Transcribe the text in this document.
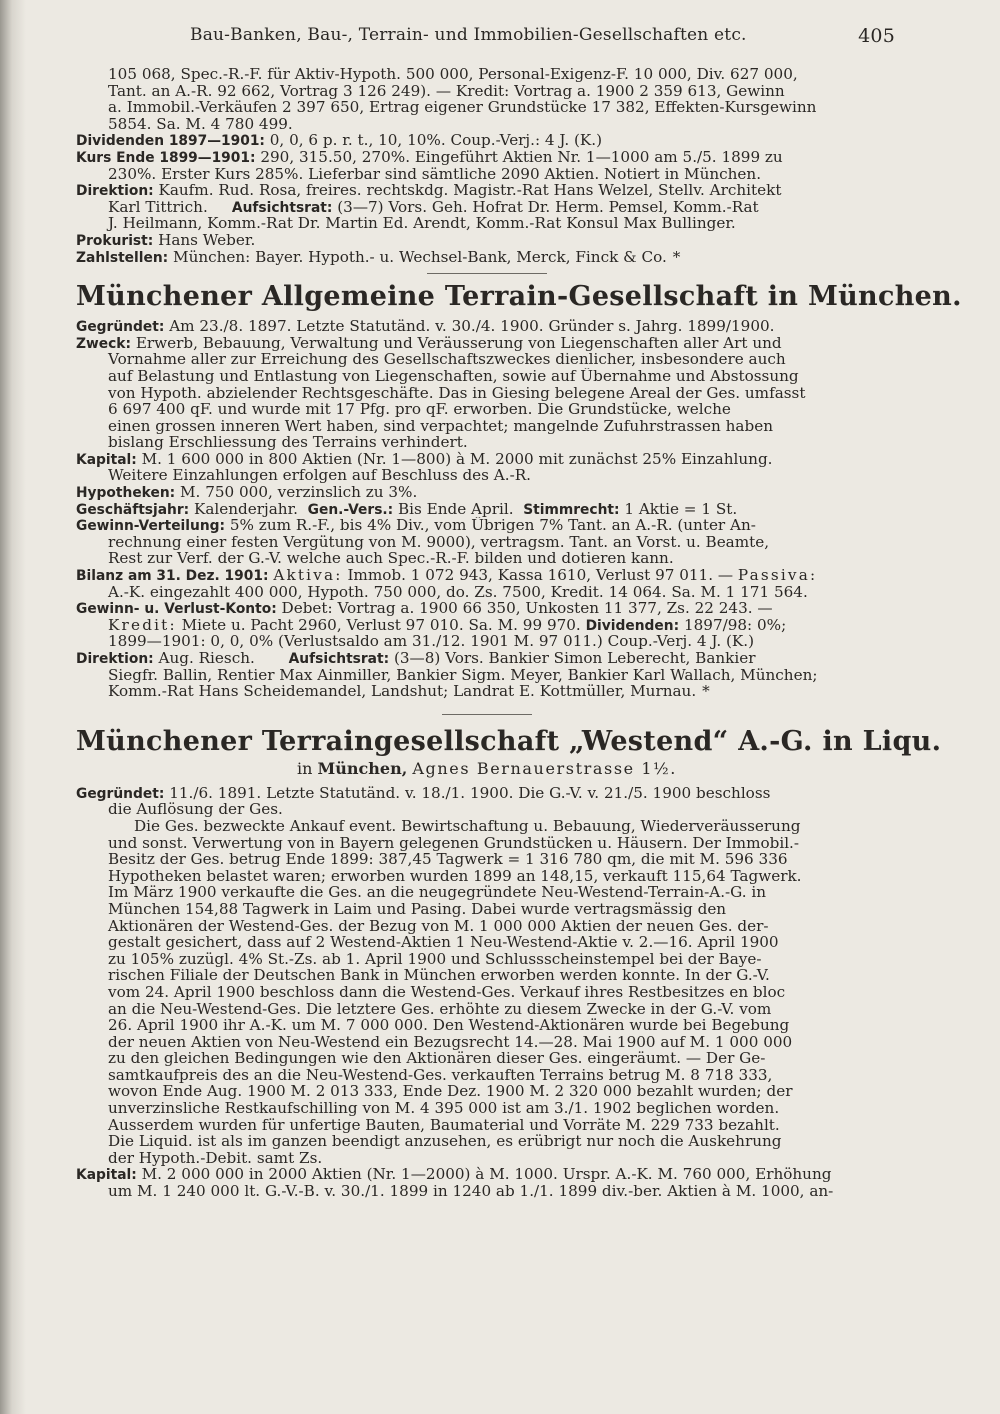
Bau-Banken, Bau-, Terrain- und Immobilien-Gesellschaften etc.	405
105 068, Spec.-R.-F. für Aktiv-Hypoth. 500 000, Personal-Exigenz-F. 10 000, Div. 627 000,
Tant. an A.-R. 92 662, Vortrag 3 126 249). — Kredit: Vortrag a. 1900 2 359 613, Gewinn
a. Immobil.-Verkäufen 2 397 650, Ertrag eigener Grundstücke 17 382, Effekten-Kursgewinn
5854. Sa. M. 4 780 499.
Dividenden 1897—1901: 0, 0, 6 p. r. t., 10, 10%. Coup.-Verj.: 4 J. (K.)
Kurs Ende 1899—1901: 290, 315.50, 270%. Eingeführt Aktien Nr. 1—1000 am 5./5. 1899 zu
230%. Erster Kurs 285%. Lieferbar sind sämtliche 2090 Aktien. Notiert in München.
Direktion: Kaufm. Rud. Rosa, freires. rechtskdg. Magistr.-Rat Hans Welzel, Stellv. Architekt
Karl Tittrich. Aufsichtsrat: (3—7) Vors. Geh. Hofrat Dr. Herm. Pemsel, Komm.-Rat
J. Heilmann, Komm.-Rat Dr. Martin Ed. Arendt, Komm.-Rat Konsul Max Bullinger.
Prokurist: Hans Weber.
Zahlstellen: München: Bayer. Hypoth.- u. Wechsel-Bank, Merck, Finck & Co. *
Münchener Allgemeine Terrain-Gesellschaft in München.
Gegründet: Am 23./8. 1897. Letzte Statutänd. v. 30./4. 1900. Gründer s. Jahrg. 1899/1900.
Zweck: Erwerb, Bebauung, Verwaltung und Veräusserung von Liegenschaften aller Art und
Vornahme aller zur Erreichung des Gesellschaftszweckes dienlicher, insbesondere auch
auf Belastung und Entlastung von Liegenschaften, sowie auf Übernahme und Abstossung
von Hypoth. abzielender Rechtsgeschäfte. Das in Giesing belegene Areal der Ges. umfasst
6 697 400 qF. und wurde mit 17 Pfg. pro qF. erworben. Die Grundstücke, welche
einen grossen inneren Wert haben, sind verpachtet; mangelnde Zufuhrstrassen haben
bislang Erschliessung des Terrains verhindert.
Kapital: M. 1 600 000 in 800 Aktien (Nr. 1—800) à M. 2000 mit zunächst 25% Einzahlung.
Weitere Einzahlungen erfolgen auf Beschluss des A.-R.
Hypotheken: M. 750 000, verzinslich zu 3%.
Geschäftsjahr: Kalenderjahr. Gen.-Vers.: Bis Ende April. Stimmrecht: 1 Aktie = 1 St.
Gewinn-Verteilung: 5% zum R.-F., bis 4% Div., vom Übrigen 7% Tant. an A.-R. (unter An-
rechnung einer festen Vergütung von M. 9000), vertragsm. Tant. an Vorst. u. Beamte,
Rest zur Verf. der G.-V. welche auch Spec.-R.-F. bilden und dotieren kann.
Bilanz am 31. Dez. 1901: Aktiva: Immob. 1 072 943, Kassa 1610, Verlust 97 011. — Passiva:
A.-K. eingezahlt 400 000, Hypoth. 750 000, do. Zs. 7500, Kredit. 14 064. Sa. M. 1 171 564.
Gewinn- u. Verlust-Konto: Debet: Vortrag a. 1900 66 350, Unkosten 11 377, Zs. 22 243. —
Kredit: Miete u. Pacht 2960, Verlust 97 010. Sa. M. 99 970. Dividenden: 1897/98: 0%;
1899—1901: 0, 0, 0% (Verlustsaldo am 31./12. 1901 M. 97 011.) Coup.-Verj. 4 J. (K.)
Direktion: Aug. Riesch. Aufsichtsrat: (3—8) Vors. Bankier Simon Leberecht, Bankier
Siegfr. Ballin, Rentier Max Ainmiller, Bankier Sigm. Meyer, Bankier Karl Wallach, München;
Komm.-Rat Hans Scheidemandel, Landshut; Landrat E. Kottmüller, Murnau. *
Münchener Terraingesellschaft „Westend“ A.-G. in Liqu.
in München, Agnes Bernauerstrasse 1½.
Gegründet: 11./6. 1891. Letzte Statutänd. v. 18./1. 1900. Die G.-V. v. 21./5. 1900 beschloss
die Auflösung der Ges.
Die Ges. bezweckte Ankauf event. Bewirtschaftung u. Bebauung, Wiederveräusserung
und sonst. Verwertung von in Bayern gelegenen Grundstücken u. Häusern. Der Immobil.-
Besitz der Ges. betrug Ende 1899: 387,45 Tagwerk = 1 316 780 qm, die mit M. 596 336
Hypotheken belastet waren; erworben wurden 1899 an 148,15, verkauft 115,64 Tagwerk.
Im März 1900 verkaufte die Ges. an die neugegründete Neu-Westend-Terrain-A.-G. in
München 154,88 Tagwerk in Laim und Pasing. Dabei wurde vertragsmässig den
Aktionären der Westend-Ges. der Bezug von M. 1 000 000 Aktien der neuen Ges. der-
gestalt gesichert, dass auf 2 Westend-Aktien 1 Neu-Westend-Aktie v. 2.—16. April 1900
zu 105% zuzügl. 4% St.-Zs. ab 1. April 1900 und Schlussscheinstempel bei der Baye-
rischen Filiale der Deutschen Bank in München erworben werden konnte. In der G.-V.
vom 24. April 1900 beschloss dann die Westend-Ges. Verkauf ihres Restbesitzes en bloc
an die Neu-Westend-Ges. Die letztere Ges. erhöhte zu diesem Zwecke in der G.-V. vom
26. April 1900 ihr A.-K. um M. 7 000 000. Den Westend-Aktionären wurde bei Begebung
der neuen Aktien von Neu-Westend ein Bezugsrecht 14.—28. Mai 1900 auf M. 1 000 000
zu den gleichen Bedingungen wie den Aktionären dieser Ges. eingeräumt. — Der Ge-
samtkaufpreis des an die Neu-Westend-Ges. verkauften Terrains betrug M. 8 718 333,
wovon Ende Aug. 1900 M. 2 013 333, Ende Dez. 1900 M. 2 320 000 bezahlt wurden; der
unverzinsliche Restkaufschilling von M. 4 395 000 ist am 3./1. 1902 beglichen worden.
Ausserdem wurden für unfertige Bauten, Baumaterial und Vorräte M. 229 733 bezahlt.
Die Liquid. ist als im ganzen beendigt anzusehen, es erübrigt nur noch die Auskehrung
der Hypoth.-Debit. samt Zs.
Kapital: M. 2 000 000 in 2000 Aktien (Nr. 1—2000) à M. 1000. Urspr. A.-K. M. 760 000, Erhöhung
um M. 1 240 000 lt. G.-V.-B. v. 30./1. 1899 in 1240 ab 1./1. 1899 div.-ber. Aktien à M. 1000, an-
